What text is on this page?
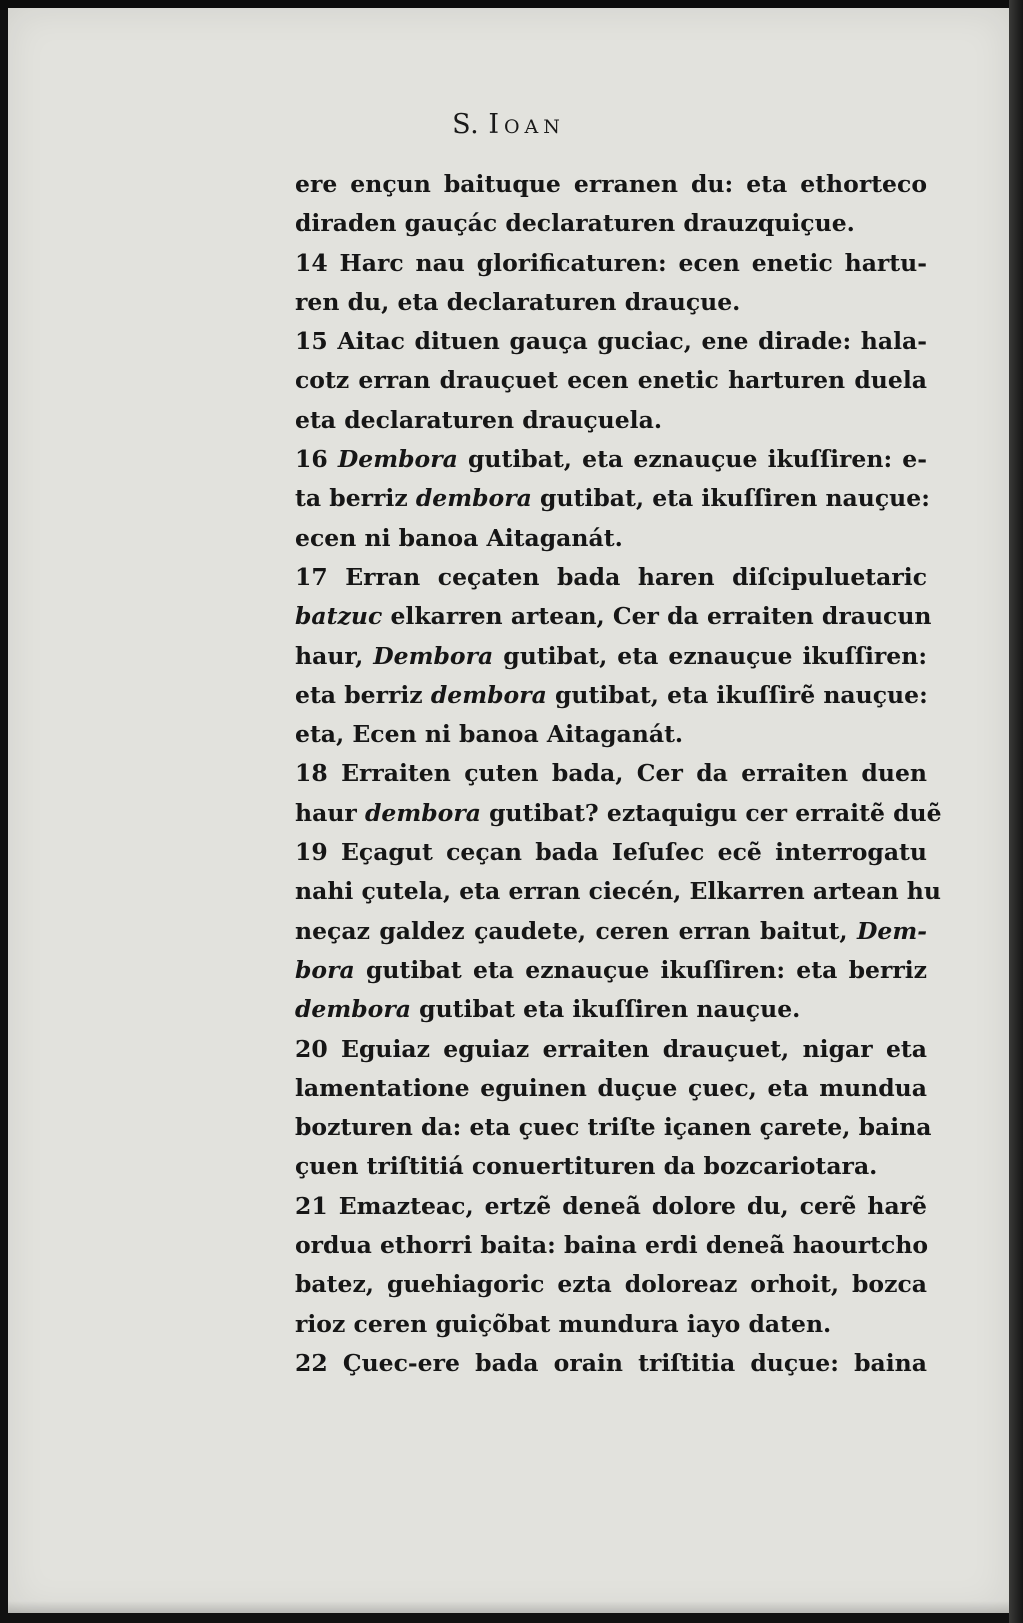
S. Ioan
ere ençun baituque erranen du: eta ethorteco
diraden gauçác declaraturen drauzquiçue.
14 Harc nau glorificaturen: ecen enetic hartu-
ren du, eta declaraturen drauçue.
15 Aitac dituen gauça guciac, ene dirade: hala-
cotz erran drauçuet ecen enetic harturen duela
eta declaraturen drauçuela.
16 Dembora gutibat, eta eznauçue ikuſſiren: e-
ta berriz dembora gutibat, eta ikuſſiren nauçue:
ecen ni banoa Aitaganát.
17 Erran ceçaten bada haren diſcipuluetaric
batzuc elkarren artean, Cer da erraiten draucun
haur, Dembora gutibat, eta eznauçue ikuſſiren:
eta berriz dembora gutibat, eta ikuſſirẽ nauçue:
eta, Ecen ni banoa Aitaganát.
18 Erraiten çuten bada, Cer da erraiten duen
haur dembora gutibat? eztaquigu cer erraitẽ duẽ
19 Eçagut ceçan bada Ieſuſec ecẽ interrogatu
nahi çutela, eta erran ciecén, Elkarren artean hu
neçaz galdez çaudete, ceren erran baitut, Dem-
bora gutibat eta eznauçue ikuſſiren: eta berriz
dembora gutibat eta ikuſſiren nauçue.
20 Eguiaz eguiaz erraiten drauçuet, nigar eta
lamentatione eguinen duçue çuec, eta mundua
bozturen da: eta çuec triſte içanen çarete, baina
çuen triſtitiá conuertituren da bozcariotara.
21 Emazteac, ertzẽ deneã dolore du, cerẽ harẽ
ordua ethorri baita: baina erdi deneã haourtcho
batez, guehiagoric ezta doloreaz orhoit, bozca
rioz ceren guiçõbat mundura iayo daten.
22 Çuec-ere bada orain triſtitia duçue: baina
